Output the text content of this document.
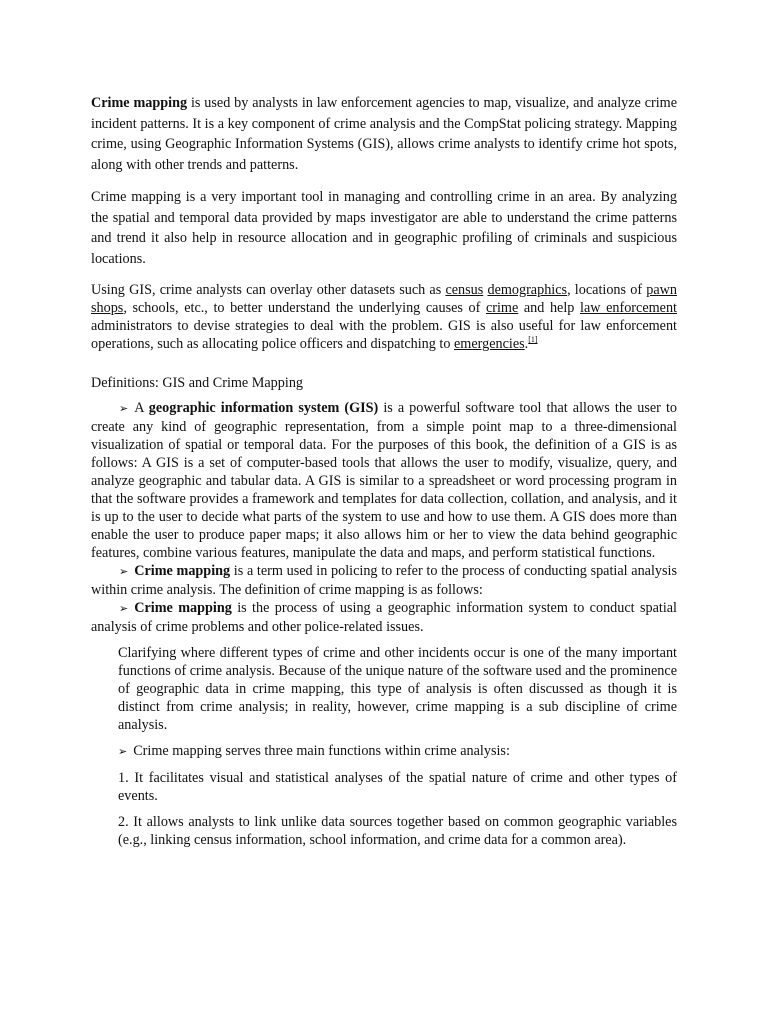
Crime mapping is used by analysts in law enforcement agencies to map, visualize, and analyze crime incident patterns. It is a key component of crime analysis and the CompStat policing strategy. Mapping crime, using Geographic Information Systems (GIS), allows crime analysts to identify crime hot spots, along with other trends and patterns.

Crime mapping is a very important tool in managing and controlling crime in an area. By analyzing the spatial and temporal data provided by maps investigator are able to understand the crime patterns and trend it also help in resource allocation and in geographic profiling of criminals and suspicious locations.

Using GIS, crime analysts can overlay other datasets such as census demographics, locations of pawn shops, schools, etc., to better understand the underlying causes of crime and help law enforcement administrators to devise strategies to deal with the problem. GIS is also useful for law enforcement operations, such as allocating police officers and dispatching to emergencies.[1]

Definitions: GIS and Crime Mapping

➢ A geographic information system (GIS) is a powerful software tool that allows the user to create any kind of geographic representation, from a simple point map to a three-dimensional visualization of spatial or temporal data. For the purposes of this book, the definition of a GIS is as follows: A GIS is a set of computer-based tools that allows the user to modify, visualize, query, and analyze geographic and tabular data. A GIS is similar to a spreadsheet or word processing program in that the software provides a framework and templates for data collection, collation, and analysis, and it is up to the user to decide what parts of the system to use and how to use them. A GIS does more than enable the user to produce paper maps; it also allows him or her to view the data behind geographic features, combine various features, manipulate the data and maps, and perform statistical functions.

➢ Crime mapping is a term used in policing to refer to the process of conducting spatial analysis within crime analysis. The definition of crime mapping is as follows:

➢ Crime mapping is the process of using a geographic information system to conduct spatial analysis of crime problems and other police-related issues.

Clarifying where different types of crime and other incidents occur is one of the many important functions of crime analysis. Because of the unique nature of the software used and the prominence of geographic data in crime mapping, this type of analysis is often discussed as though it is distinct from crime analysis; in reality, however, crime mapping is a sub discipline of crime analysis.

➢ Crime mapping serves three main functions within crime analysis:

1. It facilitates visual and statistical analyses of the spatial nature of crime and other types of events.

2. It allows analysts to link unlike data sources together based on common geographic variables (e.g., linking census information, school information, and crime data for a common area).
